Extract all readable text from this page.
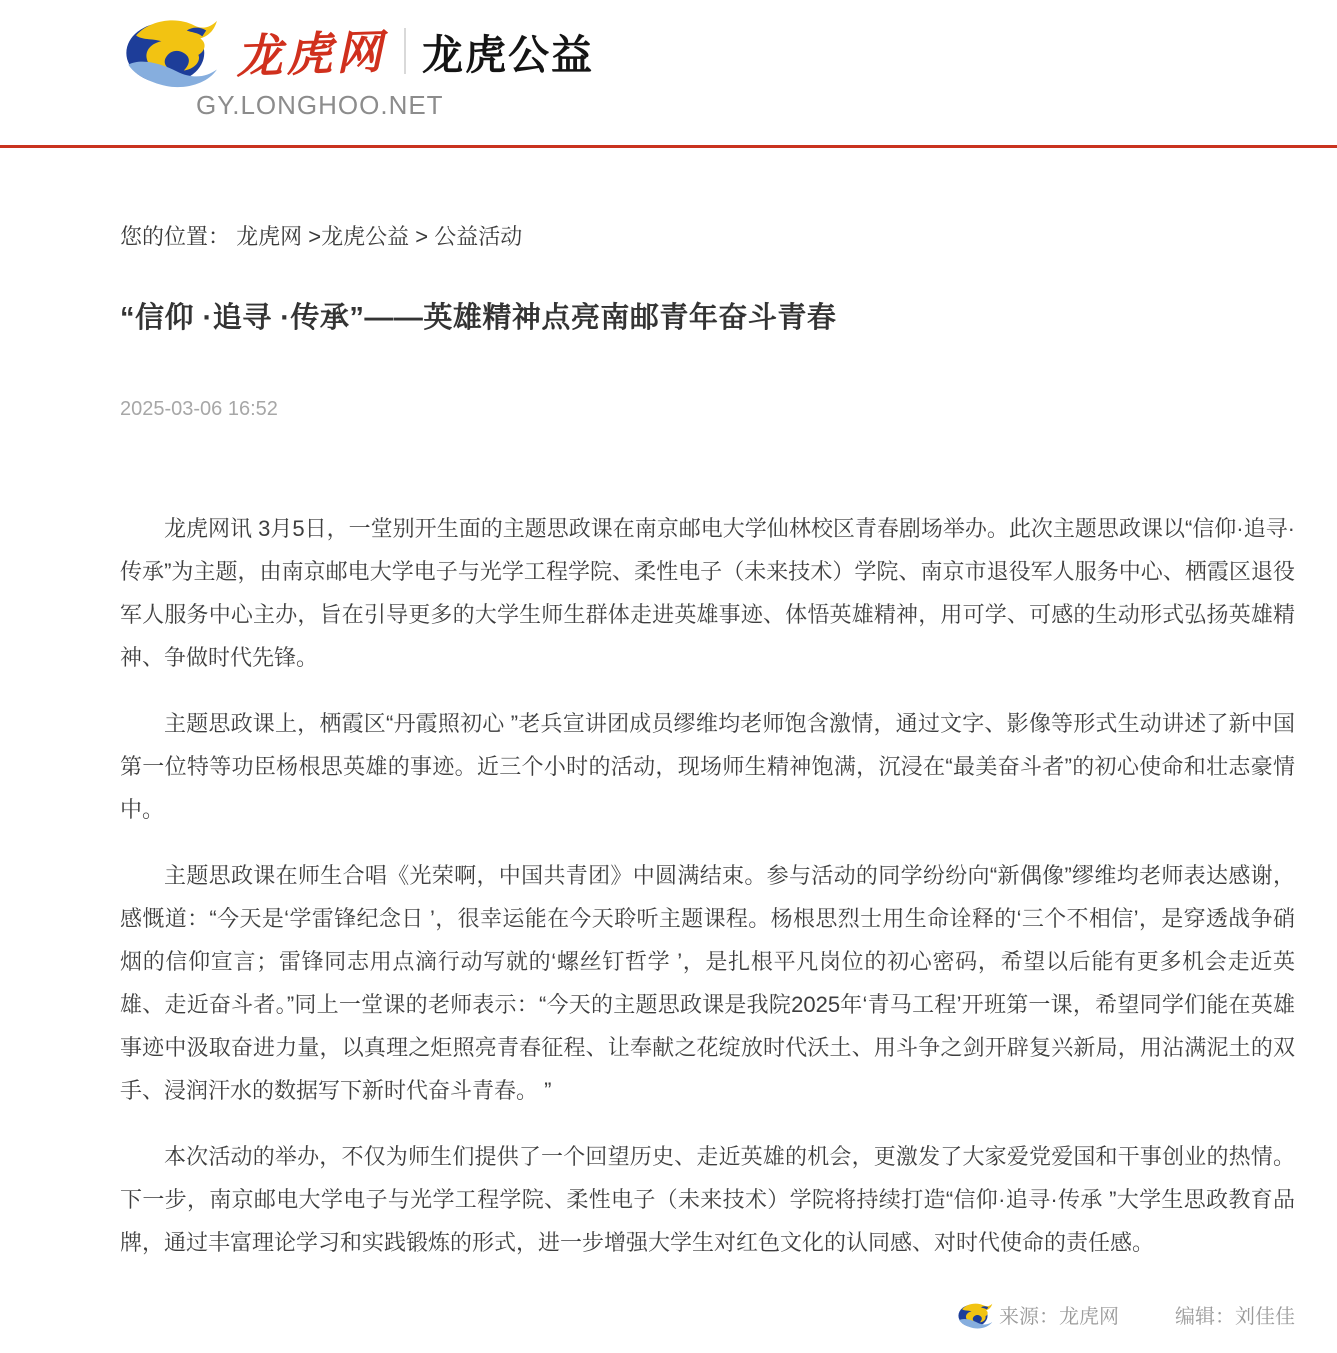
龙虎网 龙虎公益
GY.LONGHOO.NET
您的位置： 龙虎网 >龙虎公益 > 公益活动
“信仰 ·追寻 ·传承”——英雄精神点亮南邮青年奋斗青春
2025-03-06 16:52

龙虎网讯 3月5日，一堂别开生面的主题思政课在南京邮电大学仙林校区青春剧场举办。此次主题思政课以“信仰·追寻·传承”为主题，由南京邮电大学电子与光学工程学院、柔性电子（未来技术）学院、南京市退役军人服务中心、栖霞区退役军人服务中心主办，旨在引导更多的大学生师生群体走进英雄事迹、体悟英雄精神，用可学、可感的生动形式弘扬英雄精神、争做时代先锋。

主题思政课上，栖霞区“丹霞照初心 ”老兵宣讲团成员缪维均老师饱含激情，通过文字、影像等形式生动讲述了新中国第一位特等功臣杨根思英雄的事迹。近三个小时的活动，现场师生精神饱满，沉浸在“最美奋斗者”的初心使命和壮志豪情中。

主题思政课在师生合唱《光荣啊，中国共青团》中圆满结束。参与活动的同学纷纷向“新偶像”缪维均老师表达感谢，感慨道：“今天是‘学雷锋纪念日 ’，很幸运能在今天聆听主题课程。杨根思烈士用生命诠释的‘三个不相信’，是穿透战争硝烟的信仰宣言；雷锋同志用点滴行动写就的‘螺丝钉哲学 ’，是扎根平凡岗位的初心密码，希望以后能有更多机会走近英雄、走近奋斗者。”同上一堂课的老师表示：“今天的主题思政课是我院2025年‘青马工程’开班第一课，希望同学们能在英雄事迹中汲取奋进力量，以真理之炬照亮青春征程、让奉献之花绽放时代沃土、用斗争之剑开辟复兴新局，用沾满泥土的双手、浸润汗水的数据写下新时代奋斗青春。 ”

本次活动的举办，不仅为师生们提供了一个回望历史、走近英雄的机会，更激发了大家爱党爱国和干事创业的热情。下一步，南京邮电大学电子与光学工程学院、柔性电子（未来技术）学院将持续打造“信仰·追寻·传承 ”大学生思政教育品牌，通过丰富理论学习和实践锻炼的形式，进一步增强大学生对红色文化的认同感、对时代使命的责任感。

来源：龙虎网	编辑：刘佳佳
